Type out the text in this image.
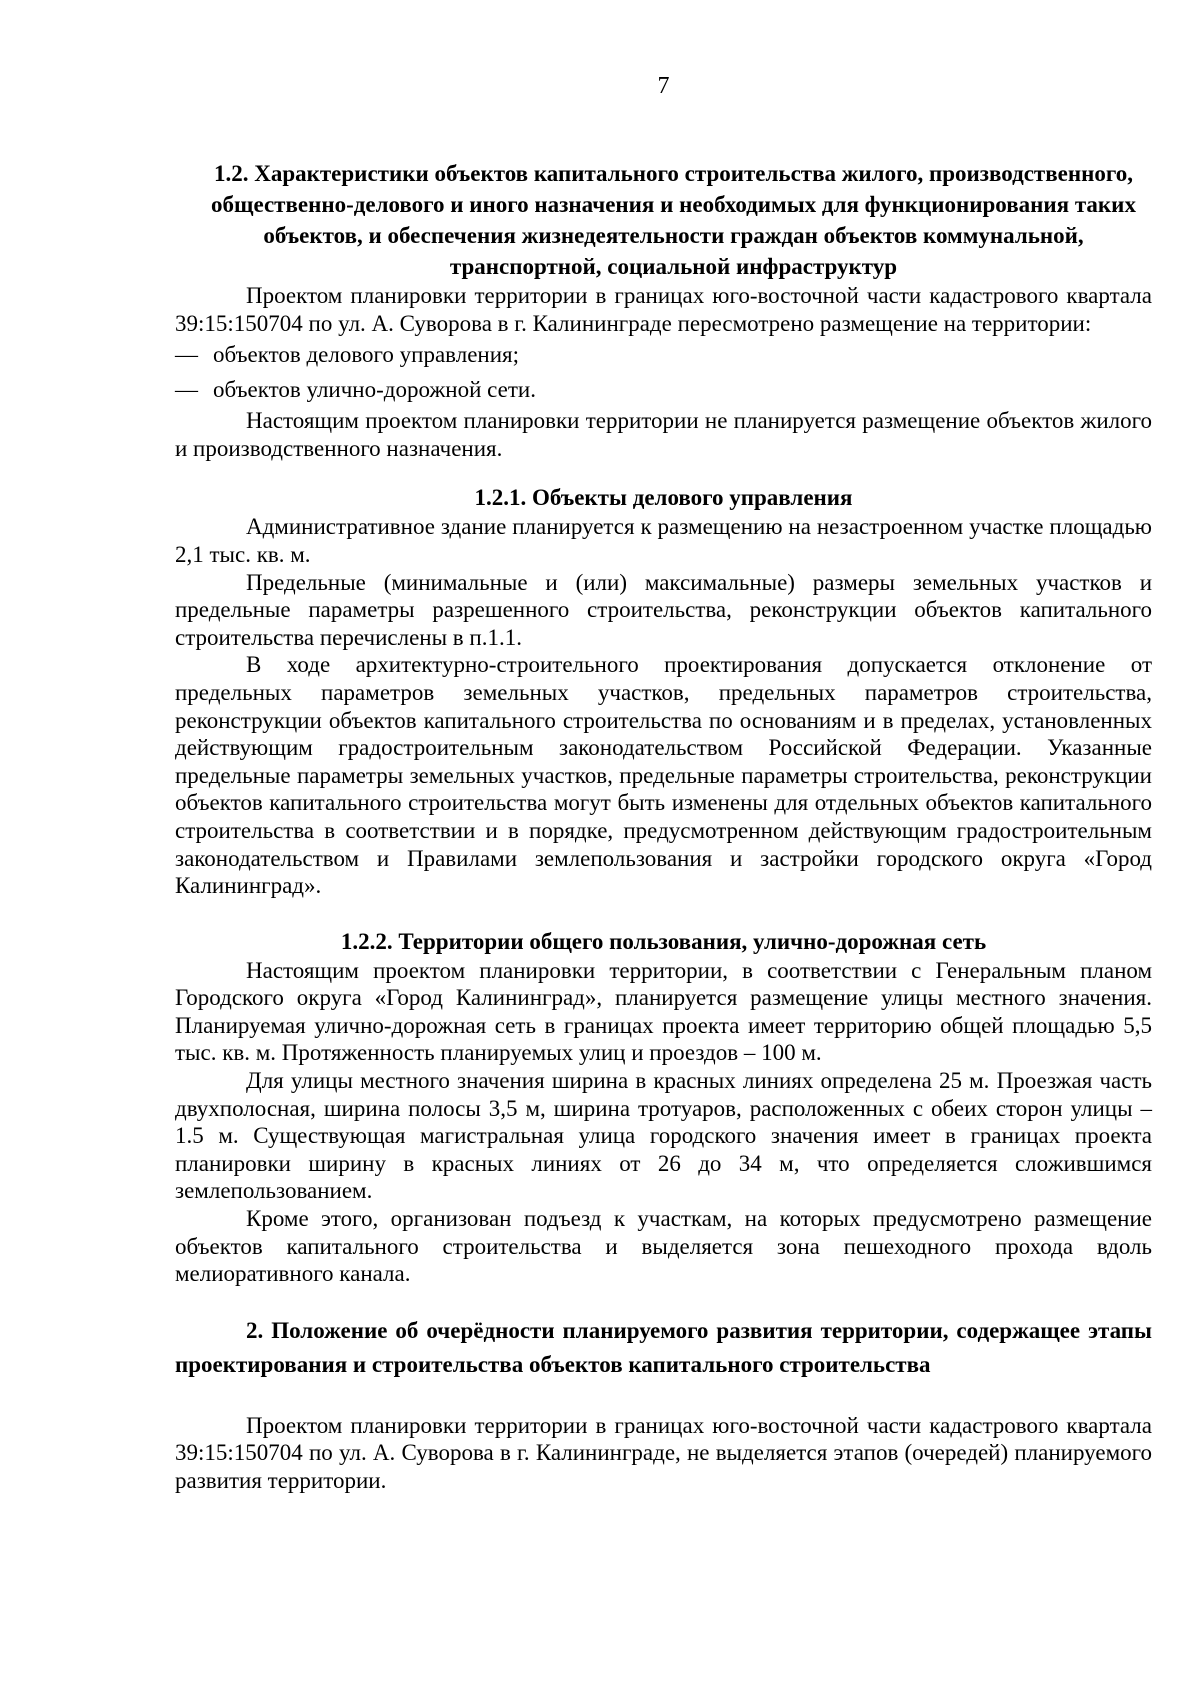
7
1.2. Характеристики объектов капитального строительства жилого, производственного, общественно-делового и иного назначения и необходимых для функционирования таких объектов, и обеспечения жизнедеятельности граждан объектов коммунальной, транспортной, социальной инфраструктур

Проектом планировки территории в границах юго-восточной части кадастрового квартала 39:15:150704 по ул. А. Суворова в г. Калининграде пересмотрено размещение на территории:

— объектов делового управления;
— объектов улично-дорожной сети.

Настоящим проектом планировки территории не планируется размещение объектов жилого и производственного назначения.

1.2.1. Объекты делового управления

Административное здание планируется к размещению на незастроенном участке площадью 2,1 тыс. кв. м.

Предельные (минимальные и (или) максимальные) размеры земельных участков и предельные параметры разрешенного строительства, реконструкции объектов капитального строительства перечислены в п.1.1.

В ходе архитектурно-строительного проектирования допускается отклонение от предельных параметров земельных участков, предельных параметров строительства, реконструкции объектов капитального строительства по основаниям и в пределах, установленных действующим градостроительным законодательством Российской Федерации. Указанные предельные параметры земельных участков, предельные параметры строительства, реконструкции объектов капитального строительства могут быть изменены для отдельных объектов капитального строительства в соответствии и в порядке, предусмотренном действующим градостроительным законодательством и Правилами землепользования и застройки городского округа «Город Калининград».

1.2.2. Территории общего пользования, улично-дорожная сеть

Настоящим проектом планировки территории, в соответствии с Генеральным планом Городского округа «Город Калининград», планируется размещение улицы местного значения. Планируемая улично-дорожная сеть в границах проекта имеет территорию общей площадью 5,5 тыс. кв. м. Протяженность планируемых улиц и проездов – 100 м.

Для улицы местного значения ширина в красных линиях определена 25 м. Проезжая часть двухполосная, ширина полосы 3,5 м, ширина тротуаров, расположенных с обеих сторон улицы – 1.5 м. Существующая магистральная улица городского значения имеет в границах проекта планировки ширину в красных линиях от 26 до 34 м, что определяется сложившимся землепользованием.

Кроме этого, организован подъезд к участкам, на которых предусмотрено размещение объектов капитального строительства и выделяется зона пешеходного прохода вдоль мелиоративного канала.

2. Положение об очерёдности планируемого развития территории, содержащее этапы проектирования и строительства объектов капитального строительства

Проектом планировки территории в границах юго-восточной части кадастрового квартала 39:15:150704 по ул. А. Суворова в г. Калининграде, не выделяется этапов (очередей) планируемого развития территории.
